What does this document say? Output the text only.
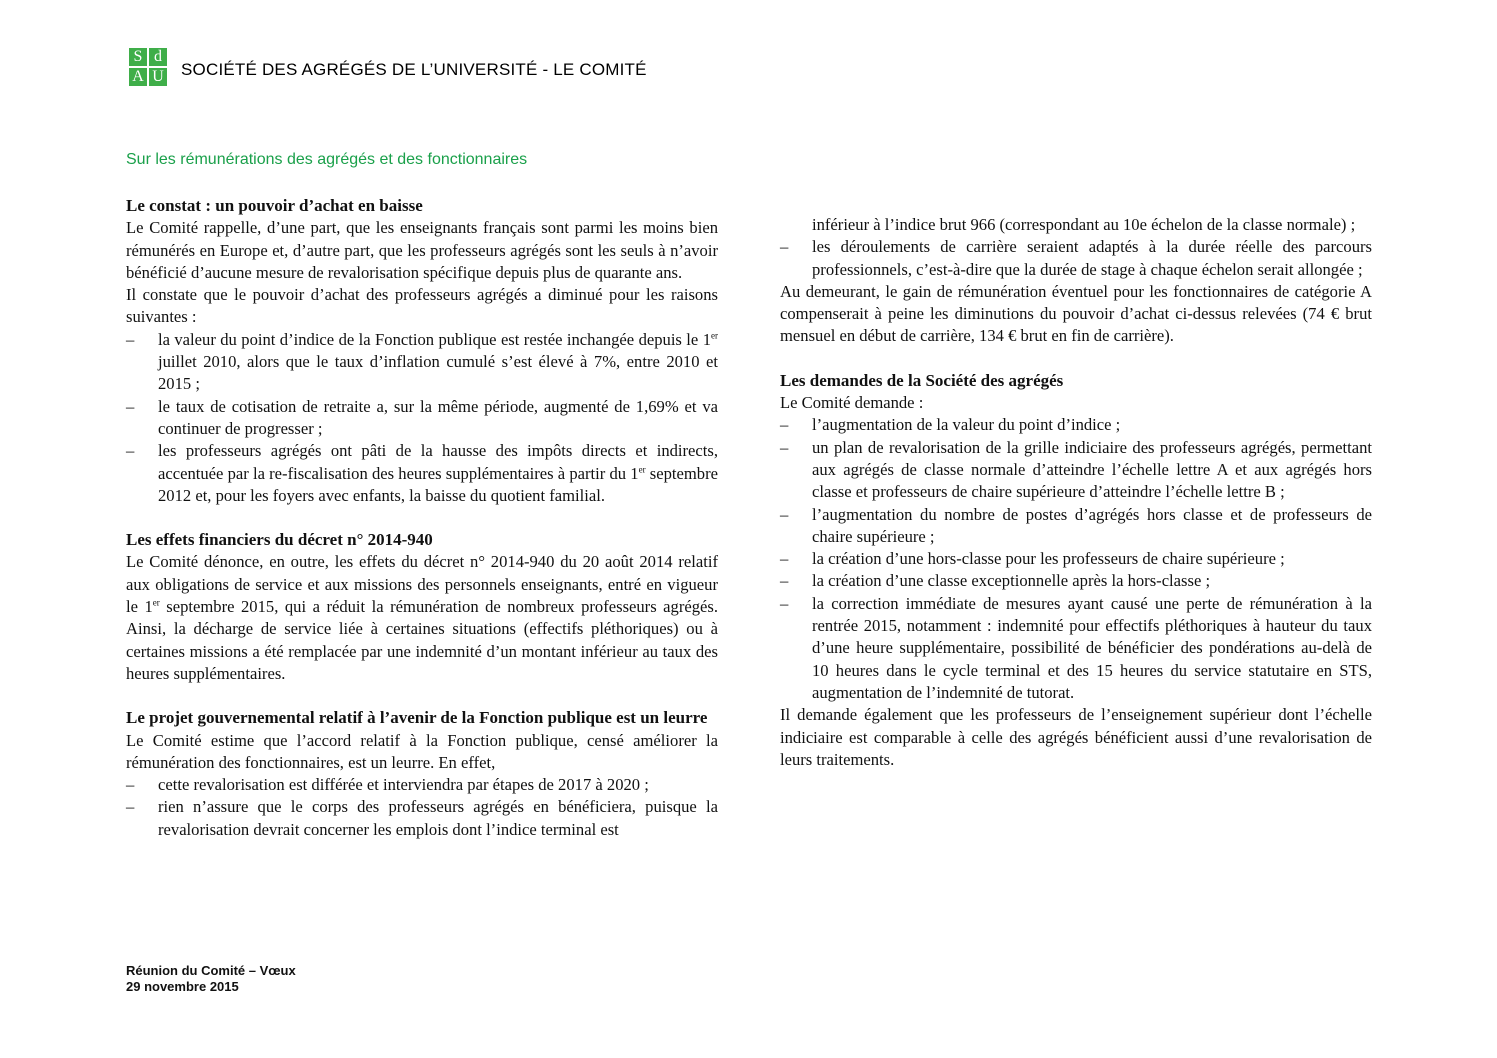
S d
A U SOCIÉTÉ DES AGRÉGÉS DE L’UNIVERSITÉ - LE COMITÉ
Sur les rémunérations des agrégés et des fonctionnaires
Le constat : un pouvoir d’achat en baisse

Le Comité rappelle, d’une part, que les enseignants français sont parmi les moins bien rémunérés en Europe et, d’autre part, que les professeurs agrégés sont les seuls à n’avoir bénéficié d’aucune mesure de revalorisation spécifique depuis plus de quarante ans.

Il constate que le pouvoir d’achat des professeurs agrégés a diminué pour les raisons suivantes :

– la valeur du point d’indice de la Fonction publique est restée inchangée depuis le 1er juillet 2010, alors que le taux d’inflation cumulé s’est élevé à 7%, entre 2010 et 2015 ;
– le taux de cotisation de retraite a, sur la même période, augmenté de 1,69% et va continuer de progresser ;
– les professeurs agrégés ont pâti de la hausse des impôts directs et indirects, accentuée par la re-fiscalisation des heures supplémentaires à partir du 1er septembre 2012 et, pour les foyers avec enfants, la baisse du quotient familial.
Les effets financiers du décret n° 2014-940

Le Comité dénonce, en outre, les effets du décret n° 2014-940 du 20 août 2014 relatif aux obligations de service et aux missions des personnels enseignants, entré en vigueur le 1er septembre 2015, qui a réduit la rémunération de nombreux professeurs agrégés. Ainsi, la décharge de service liée à certaines situations (effectifs pléthoriques) ou à certaines missions a été remplacée par une indemnité d’un montant inférieur au taux des heures supplémentaires.

Le projet gouvernemental relatif à l’avenir de la Fonction publique est un leurre

Le Comité estime que l’accord relatif à la Fonction publique, censé améliorer la rémunération des fonctionnaires, est un leurre. En effet,

– cette revalorisation est différée et interviendra par étapes de 2017 à 2020 ;
– rien n’assure que le corps des professeurs agrégés en bénéficiera, puisque la revalorisation devrait concerner les emplois dont l’indice terminal est
inférieur à l’indice brut 966 (correspondant au 10e échelon de la classe normale) ;
– les déroulements de carrière seraient adaptés à la durée réelle des parcours professionnels, c’est-à-dire que la durée de stage à chaque échelon serait allongée ;

Au demeurant, le gain de rémunération éventuel pour les fonctionnaires de catégorie A compenserait à peine les diminutions du pouvoir d’achat ci-dessus relevées (74 € brut mensuel en début de carrière, 134 € brut en fin de carrière).

Les demandes de la Société des agrégés

Le Comité demande :

– l’augmentation de la valeur du point d’indice ;
– un plan de revalorisation de la grille indiciaire des professeurs agrégés, permettant aux agrégés de classe normale d’atteindre l’échelle lettre A et aux agrégés hors classe et professeurs de chaire supérieure d’atteindre l’échelle lettre B ;
– l’augmentation du nombre de postes d’agrégés hors classe et de professeurs de chaire supérieure ;
– la création d’une hors-classe pour les professeurs de chaire supérieure ;
– la création d’une classe exceptionnelle après la hors-classe ;
– la correction immédiate de mesures ayant causé une perte de rémunération à la rentrée 2015, notamment : indemnité pour effectifs pléthoriques à hauteur du taux d’une heure supplémentaire, possibilité de bénéficier des pondérations au-delà de 10 heures dans le cycle terminal et des 15 heures du service statutaire en STS, augmentation de l’indemnité de tutorat.

Il demande également que les professeurs de l’enseignement supérieur dont l’échelle indiciaire est comparable à celle des agrégés bénéficient aussi d’une revalorisation de leurs traitements.

Réunion du Comité – Vœux
29 novembre 2015
